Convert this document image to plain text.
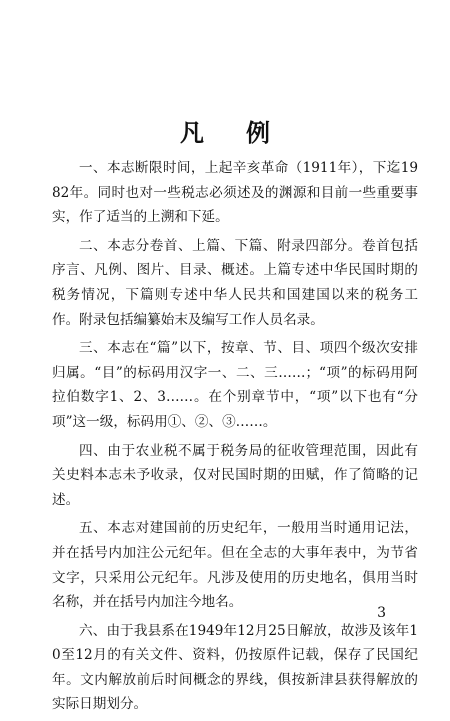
凡例

一、本志断限时间，上起辛亥革命（1911年），下迄1982年。同时也对一些税志必须述及的渊源和目前一些重要事实，作了适当的上溯和下延。

二、本志分卷首、上篇、下篇、附录四部分。卷首包括序言、凡例、图片、目录、概述。上篇专述中华民国时期的税务情况，下篇则专述中华人民共和国建国以来的税务工作。附录包括编纂始末及编写工作人员名录。

三、本志在“篇”以下，按章、节、目、项四个级次安排归属。“目”的标码用汉字一、二、三……；“项”的标码用阿拉伯数字1、2、3……。在个别章节中，“项”以下也有“分项”这一级，标码用①、②、③……。

四、由于农业税不属于税务局的征收管理范围，因此有关史料本志未予收录，仅对民国时期的田赋，作了简略的记述。

五、本志对建国前的历史纪年，一般用当时通用记法，并在括号内加注公元纪年。但在全志的大事年表中，为节省文字，只采用公元纪年。凡涉及使用的历史地名，俱用当时名称，并在括号内加注今地名。

六、由于我县系在1949年12月25日解放，故涉及该年10至12月的有关文件、资料，仍按原件记载，保存了民国纪年。文内解放前后时间概念的界线，俱按新津县获得解放的实际日期划分。

3
